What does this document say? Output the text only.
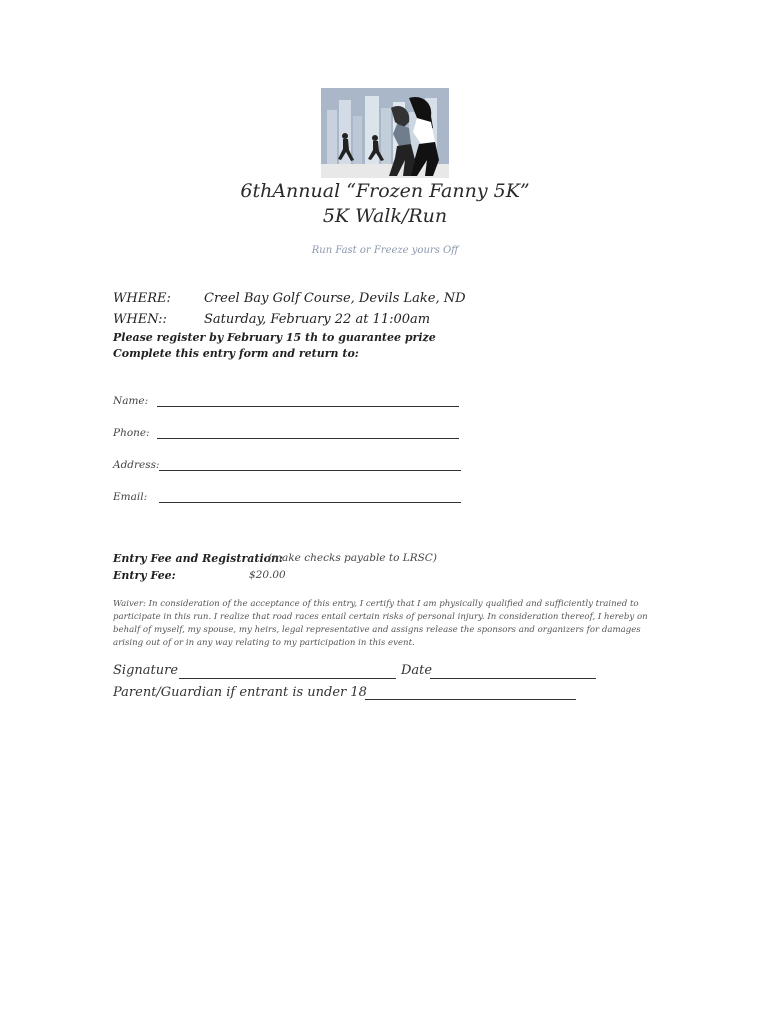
6thAnnual “Frozen Fanny 5K”
5K Walk/Run
Run Fast or Freeze yours Off
WHERE:	Creel Bay Golf Course, Devils Lake, ND
WHEN::	Saturday, February 22 at 11:00am
Please register by February 15 th to guarantee prize
Complete this entry form and return to:
Name:
Phone:
Address:
Email:
Entry Fee and Registration:
(make checks payable to LRSC)
Entry Fee:	$20.00
Waiver: In consideration of the acceptance of this entry, I certify that I am physically qualified and sufficiently trained to participate in this run. I realize that road races entail certain risks of personal injury. In consideration thereof, I hereby on behalf of myself, my spouse, my heirs, legal representative and assigns release the sponsors and organizers for damages arising out of or in any way relating to my participation in this event.
Signature	Date
Parent/Guardian if entrant is under 18
